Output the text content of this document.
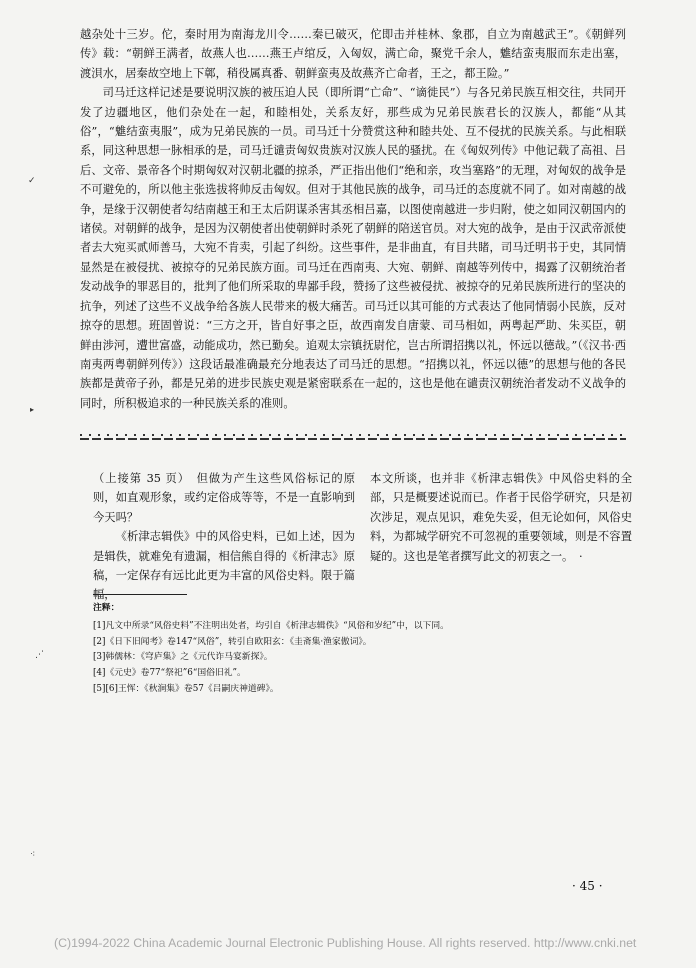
越杂处十三岁。佗，秦时用为南海龙川令……秦已破灭，佗即击并桂林、象郡，自立为南越武王”。《朝鲜列传》载：“朝鲜王满者，故燕人也……燕王卢绾反，入匈奴，满亡命，聚党千余人，魋结蛮夷服而东走出塞，渡浿水，居秦故空地上下鄣，稍役属真番、朝鲜蛮夷及故燕齐亡命者，王之，都王险。”

司马迁这样记述是要说明汉族的被压迫人民（即所谓“亡命”、“谪徙民”）与各兄弟民族互相交往，共同开发了边疆地区，他们杂处在一起，和睦相处，关系友好，那些成为兄弟民族君长的汉族人，都能“从其俗”，“魋结蛮夷服”，成为兄弟民族的一员。司马迁十分赞赏这种和睦共处、互不侵扰的民族关系。与此相联系，同这种思想一脉相承的是，司马迁谴责匈奴贵族对汉族人民的骚扰。在《匈奴列传》中他记载了高祖、吕后、文帝、景帝各个时期匈奴对汉朝北疆的掠杀，严正指出他们“绝和亲，攻当塞路”的无理，对匈奴的战争是不可避免的，所以他主张选拔将帅反击匈奴。但对于其他民族的战争，司马迁的态度就不同了。如对南越的战争，是缘于汉朝使者勾结南越王和王太后阴谋杀害其丞相吕嘉，以图使南越进一步归附，使之如同汉朝国内的诸侯。对朝鲜的战争，是因为汉朝使者出使朝鲜时杀死了朝鲜的陪送官员。对大宛的战争，是由于汉武帝派使者去大宛买贰师善马，大宛不肯卖，引起了纠纷。这些事件，是非曲直，有目共睹，司马迁明书于史，其同情显然是在被侵扰、被掠夺的兄弟民族方面。司马迁在西南夷、大宛、朝鲜、南越等列传中，揭露了汉朝统治者发动战争的罪恶目的，批判了他们所采取的卑鄙手段，赞扬了这些被侵扰、被掠夺的兄弟民族所进行的坚决的抗争，列述了这些不义战争给各族人民带来的极大痛苦。司马迁以其可能的方式表达了他同情弱小民族，反对掠夺的思想。班固曾说：“三方之开，皆自好事之臣，故西南发自唐蒙、司马相如，两粤起严助、朱买臣，朝鲜由涉河，遭世富盛，动能成功，然已勤矣。追观太宗镇抚尉佗，岂古所谓招携以礼，怀远以德哉。”（《汉书·西南夷两粤朝鲜列传》）这段话最准确最充分地表达了司马迁的思想。“招携以礼，怀远以德”的思想与他的各民族都是黄帝子孙，都是兄弟的进步民族史观是紧密联系在一起的，这也是他在谴责汉朝统治者发动不义战争的同时，所积极追求的一种民族关系的准则。

✓
▸
⋰
⁖

（上接第 35 页）　但做为产生这些风俗标记的原则，如直观形象，或约定俗成等等，不是一直影响到今天吗？

《析津志辑佚》中的风俗史料，已如上述，因为是辑佚，就难免有遗漏，相信熊自得的《析津志》原稿，一定保存有远比此更为丰富的风俗史料。限于篇幅，

本文所谈，也并非《析津志辑佚》中风俗史料的全部，只是概要述说而已。作者于民俗学研究，只是初次涉足，观点见识，难免失妥，但无论如何，风俗史料，为都城学研究不可忽视的重要领域，则是不容置疑的。这也是笔者撰写此文的初衷之一。　·

注释：
[1]凡文中所录“风俗史料”不注明出处者，均引自《析津志辑佚》“风俗和岁纪”中，以下同。
[2]《日下旧闻考》卷147“风俗”，转引自欧阳玄：《圭斋集·渔家傲词》。
[3]韩儒林：《穹庐集》之《元代诈马宴新探》。
[4]《元史》卷77“祭祀”6“国俗旧礼”。
[5][6]王恽：《秋涧集》卷57《吕嗣庆神道碑》。
· 45 ·
(C)1994-2022 China Academic Journal Electronic Publishing House. All rights reserved. http://www.cnki.net
